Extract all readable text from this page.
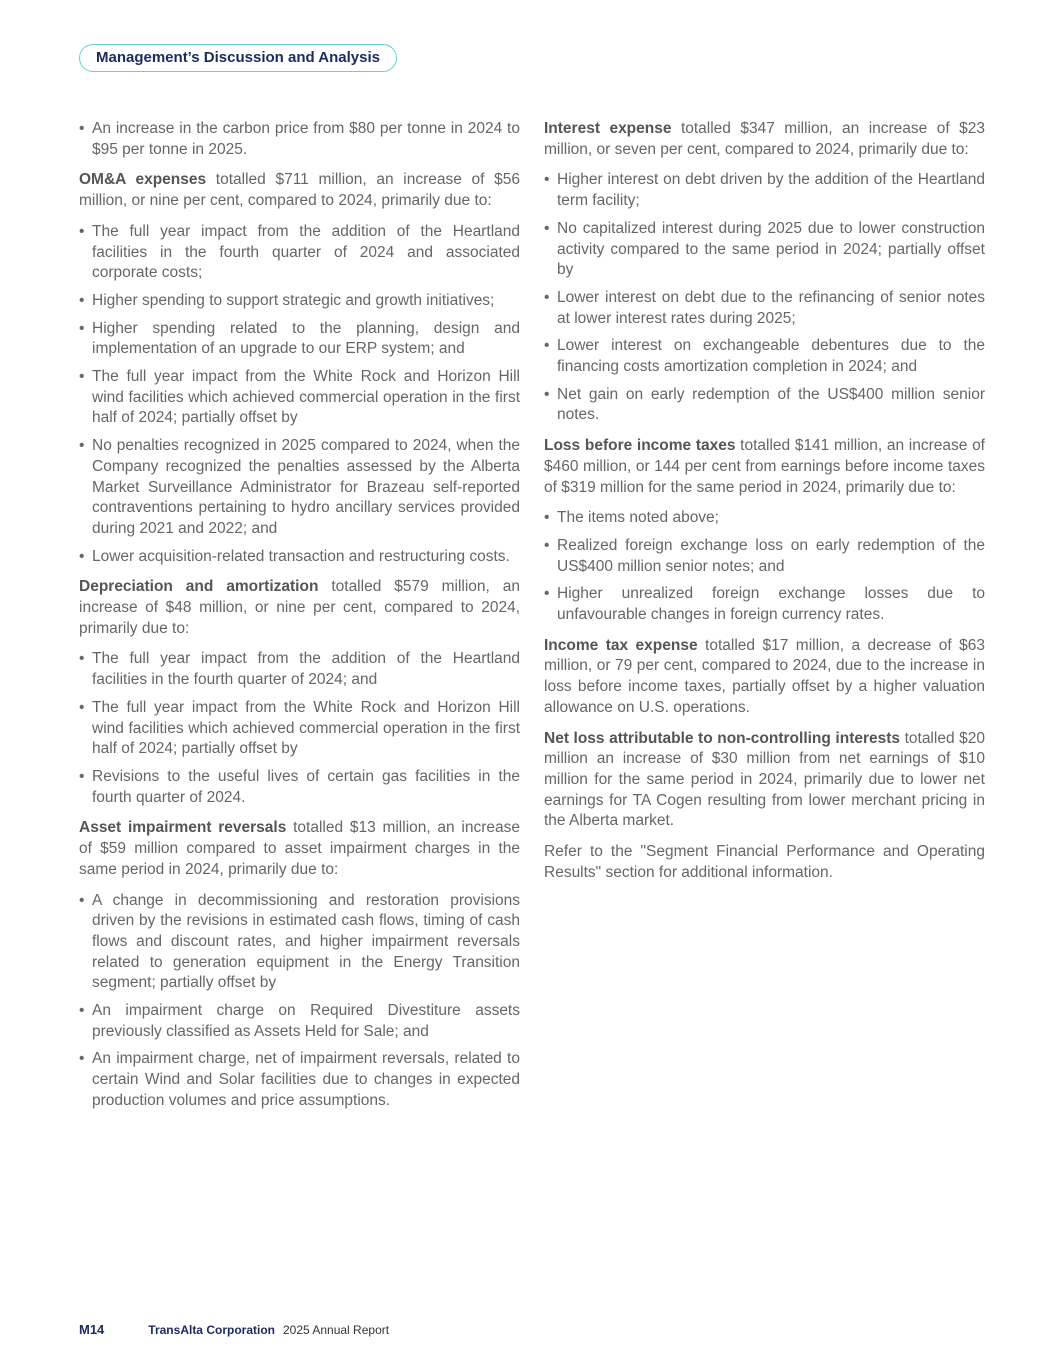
Management’s Discussion and Analysis
• An increase in the carbon price from $80 per tonne in 2024 to $95 per tonne in 2025.

OM&A expenses totalled $711 million, an increase of $56 million, or nine per cent, compared to 2024, primarily due to:

• The full year impact from the addition of the Heartland facilities in the fourth quarter of 2024 and associated corporate costs;
• Higher spending to support strategic and growth initiatives;
• Higher spending related to the planning, design and implementation of an upgrade to our ERP system; and
• The full year impact from the White Rock and Horizon Hill wind facilities which achieved commercial operation in the first half of 2024; partially offset by
• No penalties recognized in 2025 compared to 2024, when the Company recognized the penalties assessed by the Alberta Market Surveillance Administrator for Brazeau self-reported contraventions pertaining to hydro ancillary services provided during 2021 and 2022; and
• Lower acquisition-related transaction and restructuring costs.

Depreciation and amortization totalled $579 million, an increase of $48 million, or nine per cent, compared to 2024, primarily due to:

• The full year impact from the addition of the Heartland facilities in the fourth quarter of 2024; and
• The full year impact from the White Rock and Horizon Hill wind facilities which achieved commercial operation in the first half of 2024; partially offset by
• Revisions to the useful lives of certain gas facilities in the fourth quarter of 2024.

Asset impairment reversals totalled $13 million, an increase of $59 million compared to asset impairment charges in the same period in 2024, primarily due to:

• A change in decommissioning and restoration provisions driven by the revisions in estimated cash flows, timing of cash flows and discount rates, and higher impairment reversals related to generation equipment in the Energy Transition segment; partially offset by
• An impairment charge on Required Divestiture assets previously classified as Assets Held for Sale; and
• An impairment charge, net of impairment reversals, related to certain Wind and Solar facilities due to changes in expected production volumes and price assumptions.

Interest expense totalled $347 million, an increase of $23 million, or seven per cent, compared to 2024, primarily due to:

• Higher interest on debt driven by the addition of the Heartland term facility;
• No capitalized interest during 2025 due to lower construction activity compared to the same period in 2024; partially offset by
• Lower interest on debt due to the refinancing of senior notes at lower interest rates during 2025;
• Lower interest on exchangeable debentures due to the financing costs amortization completion in 2024; and
• Net gain on early redemption of the US$400 million senior notes.

Loss before income taxes totalled $141 million, an increase of $460 million, or 144 per cent from earnings before income taxes of $319 million for the same period in 2024, primarily due to:

• The items noted above;
• Realized foreign exchange loss on early redemption of the US$400 million senior notes; and
• Higher unrealized foreign exchange losses due to unfavourable changes in foreign currency rates.

Income tax expense totalled $17 million, a decrease of $63 million, or 79 per cent, compared to 2024, due to the increase in loss before income taxes, partially offset by a higher valuation allowance on U.S. operations.

Net loss attributable to non-controlling interests totalled $20 million an increase of $30 million from net earnings of $10 million for the same period in 2024, primarily due to lower net earnings for TA Cogen resulting from lower merchant pricing in the Alberta market.

Refer to the "Segment Financial Performance and Operating Results" section for additional information.

M14	TransAlta Corporation 2025 Annual Report
